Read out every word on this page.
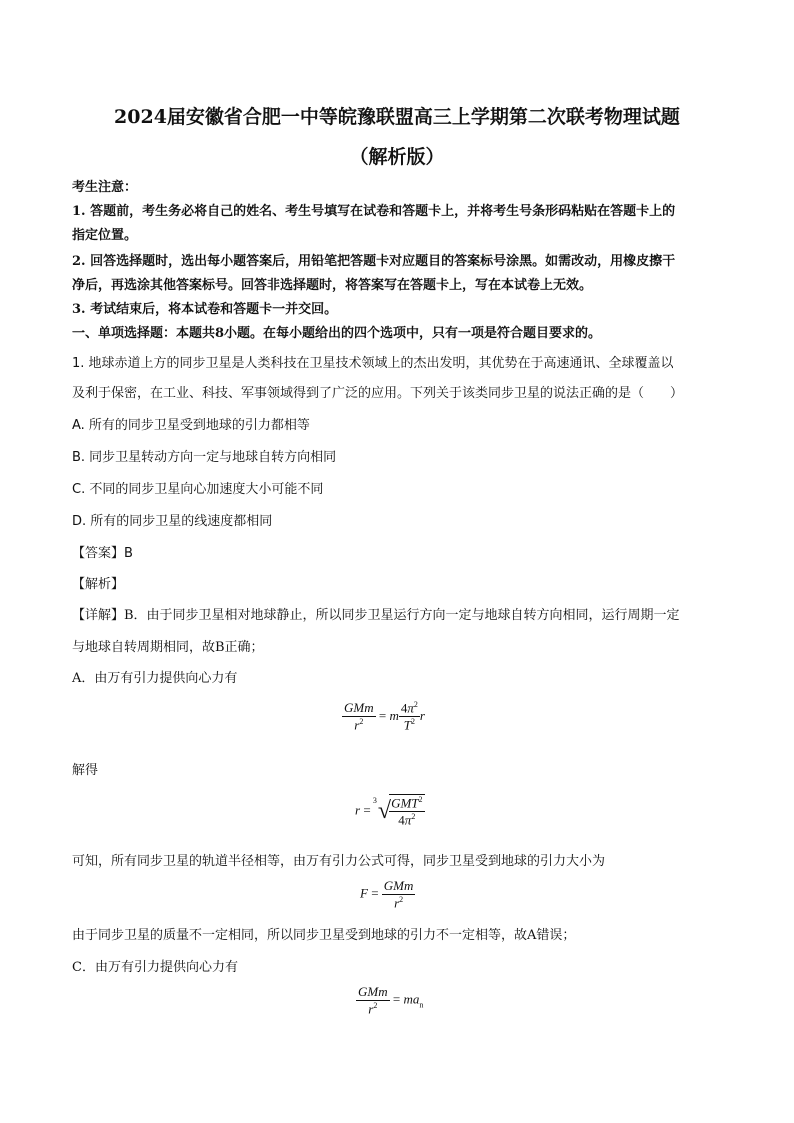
2024届安徽省合肥一中等皖豫联盟高三上学期第二次联考物理试题
（解析版）
考生注意：
1. 答题前，考生务必将自己的姓名、考生号填写在试卷和答题卡上，并将考生号条形码粘贴在答题卡上的
指定位置。
2. 回答选择题时，选出每小题答案后，用铅笔把答题卡对应题目的答案标号涂黑。如需改动，用橡皮擦干
净后，再选涂其他答案标号。回答非选择题时，将答案写在答题卡上，写在本试卷上无效。
3. 考试结束后，将本试卷和答题卡一并交回。
一、单项选择题：本题共8小题。在每小题给出的四个选项中，只有一项是符合题目要求的。
1. 地球赤道上方的同步卫星是人类科技在卫星技术领域上的杰出发明，其优势在于高速通讯、全球覆盖以
及利于保密，在工业、科技、军事领域得到了广泛的应用。下列关于该类同步卫星的说法正确的是（　　）
A. 所有的同步卫星受到地球的引力都相等
B. 同步卫星转动方向一定与地球自转方向相同
C. 不同的同步卫星向心加速度大小可能不同
D. 所有的同步卫星的线速度都相同
【答案】B
【解析】
【详解】B．由于同步卫星相对地球静止，所以同步卫星运行方向一定与地球自转方向相同，运行周期一定
与地球自转周期相同，故B正确；
A．由万有引力提供向心力有
$\frac{\text{GMm}}{r^2} = m \frac{4\pi^2}{T^2}$ r
解得
r =
3 √
$\frac{GMT^2}{4\pi^2}$
可知，所有同步卫星的轨道半径相等，由万有引力公式可得，同步卫星受到地球的引力大小为
$F = \frac{\text{GMm}}{r^2}$
由于同步卫星的质量不一定相同，所以同步卫星受到地球的引力不一定相等，故A错误；
C．由万有引力提供向心力有
$\frac{\text{GMm}}{r^2} = ma_n$
